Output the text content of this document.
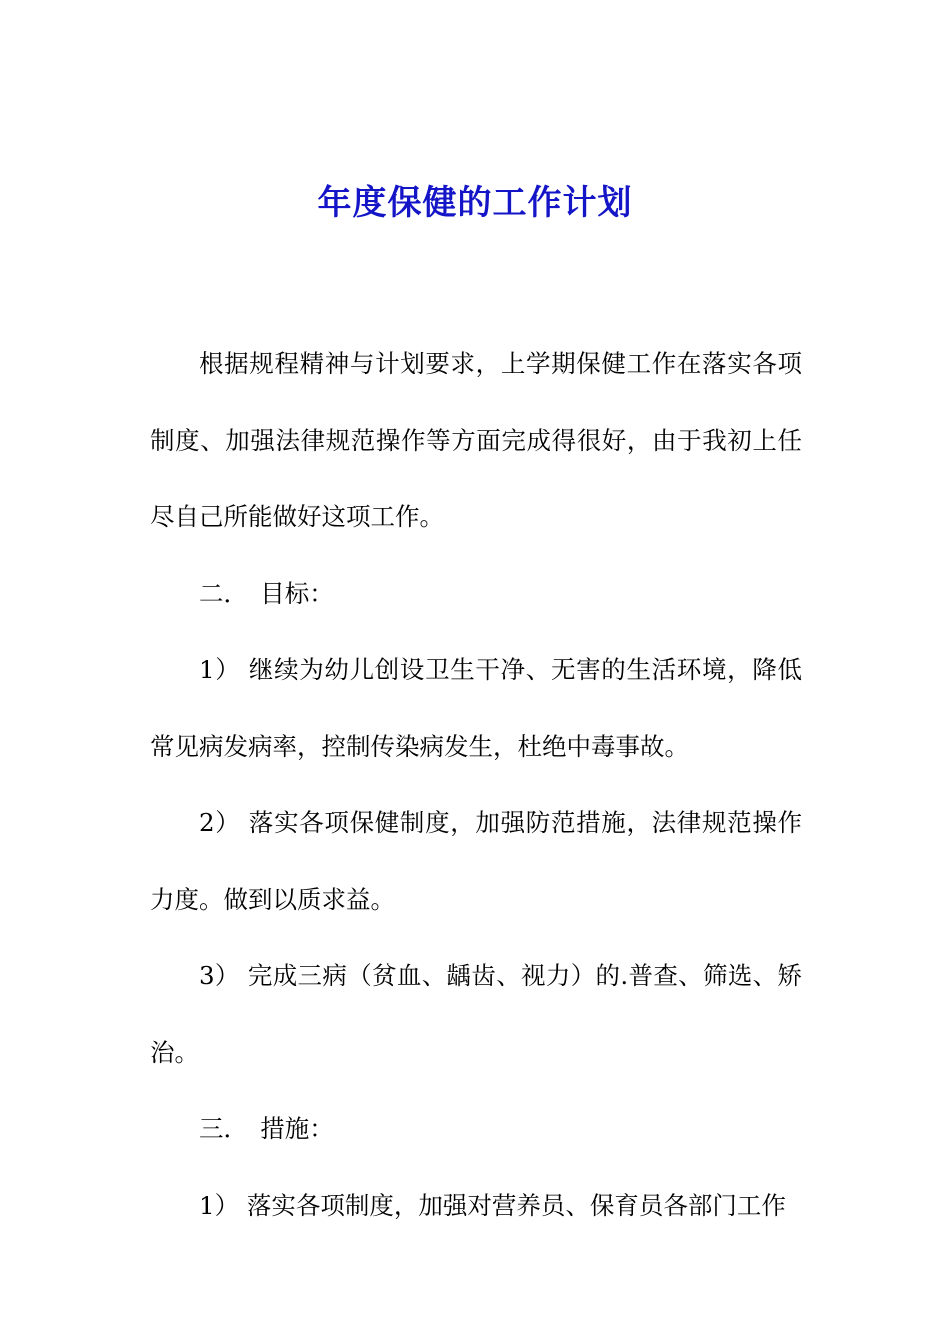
年度保健的工作计划

根据规程精神与计划要求，上学期保健工作在落实各项制度、加强法律规范操作等方面完成得很好，由于我初上任尽自己所能做好这项工作。

二．　目标：

1） 继续为幼儿创设卫生干净、无害的生活环境，降低常见病发病率，控制传染病发生，杜绝中毒事故。

2） 落实各项保健制度，加强防范措施，法律规范操作力度。做到以质求益。

3） 完成三病（贫血、龋齿、视力）的.普查、筛选、矫治。

三．　措施：

1） 落实各项制度，加强对营养员、保育员各部门工作
